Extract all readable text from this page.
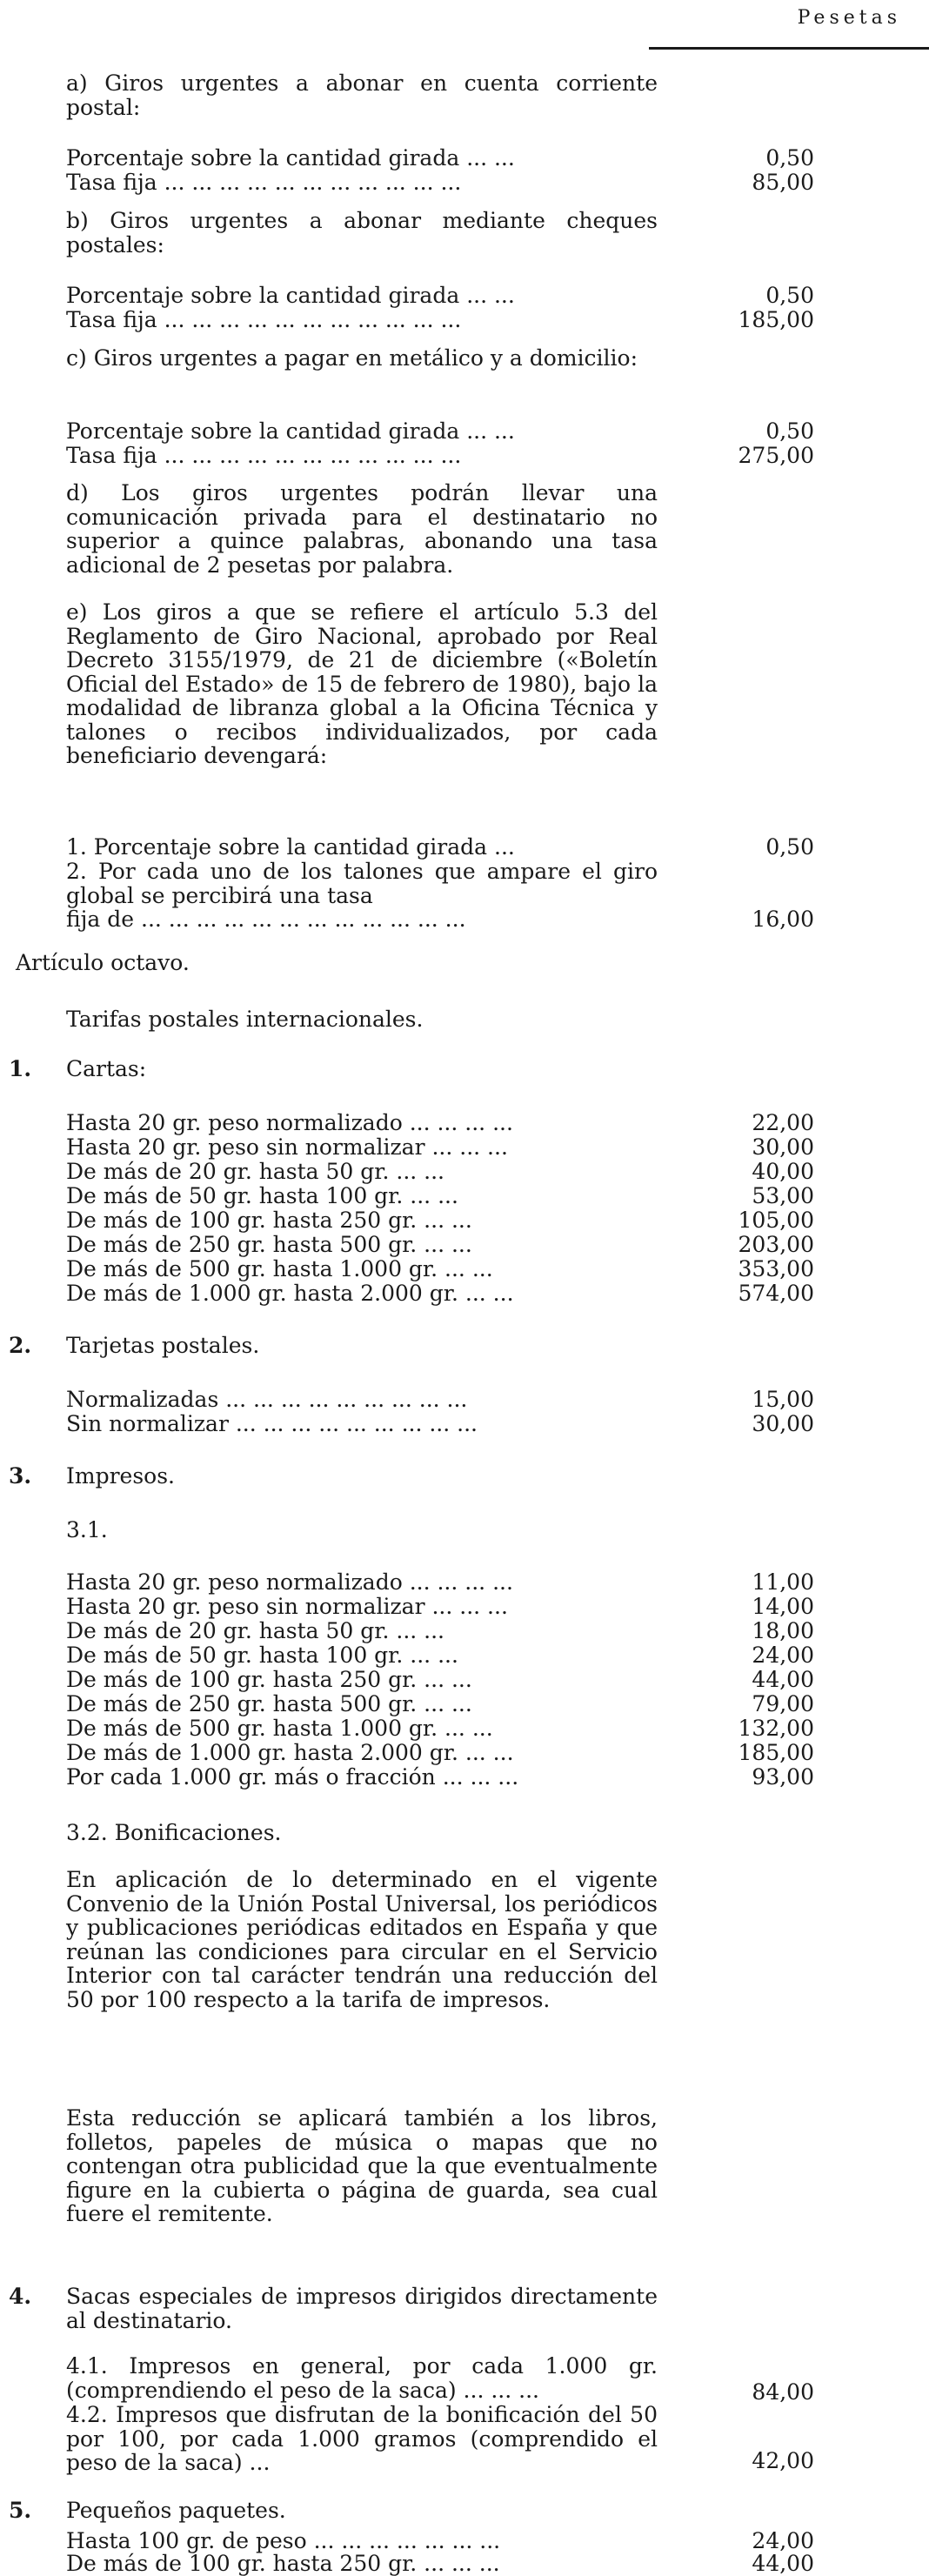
Pesetas
a) Giros urgentes a abonar en cuenta corriente postal:
Porcentaje sobre la cantidad girada ... ...	0,50
Tasa fija ... ... ... ... ... ... ... ... ... ... ...	85,00
b) Giros urgentes a abonar mediante cheques postales:
Porcentaje sobre la cantidad girada ... ...	0,50
Tasa fija ... ... ... ... ... ... ... ... ... ... ...	185,00
c) Giros urgentes a pagar en metálico y a domicilio:
Porcentaje sobre la cantidad girada ... ...	0,50
Tasa fija ... ... ... ... ... ... ... ... ... ... ...	275,00
d) Los giros urgentes podrán llevar una comunicación privada para el destinatario no superior a quince palabras, abonando una tasa adicional de 2 pesetas por palabra.
e) Los giros a que se refiere el artículo 5.3 del Reglamento de Giro Nacional, aprobado por Real Decreto 3155/1979, de 21 de diciembre («Boletín Oficial del Estado» de 15 de febrero de 1980), bajo la modalidad de libranza global a la Oficina Técnica y talones o recibos individualizados, por cada beneficiario devengará:
1. Porcentaje sobre la cantidad girada ...	0,50
2. Por cada uno de los talones que ampare el giro global se percibirá una tasa
fija de ... ... ... ... ... ... ... ... ... ... ... ...	16,00
Artículo octavo.
Tarifas postales internacionales.
1. Cartas:
Hasta 20 gr. peso normalizado ... ... ... ...	22,00
Hasta 20 gr. peso sin normalizar ... ... ...	30,00
De más de 20 gr. hasta 50 gr. ... ...	40,00
De más de 50 gr. hasta 100 gr. ... ...	53,00
De más de 100 gr. hasta 250 gr. ... ...	105,00
De más de 250 gr. hasta 500 gr. ... ...	203,00
De más de 500 gr. hasta 1.000 gr. ... ...	353,00
De más de 1.000 gr. hasta 2.000 gr. ... ...	574,00
2. Tarjetas postales.
Normalizadas ... ... ... ... ... ... ... ... ...	15,00
Sin normalizar ... ... ... ... ... ... ... ... ...	30,00
3. Impresos.
3.1.
Hasta 20 gr. peso normalizado ... ... ... ...	11,00
Hasta 20 gr. peso sin normalizar ... ... ...	14,00
De más de 20 gr. hasta 50 gr. ... ...	18,00
De más de 50 gr. hasta 100 gr. ... ...	24,00
De más de 100 gr. hasta 250 gr. ... ...	44,00
De más de 250 gr. hasta 500 gr. ... ...	79,00
De más de 500 gr. hasta 1.000 gr. ... ...	132,00
De más de 1.000 gr. hasta 2.000 gr. ... ...	185,00
Por cada 1.000 gr. más o fracción ... ... ...	93,00
3.2. Bonificaciones.
En aplicación de lo determinado en el vigente Convenio de la Unión Postal Universal, los periódicos y publicaciones periódicas editados en España y que reúnan las condiciones para circular en el Servicio Interior con tal carácter tendrán una reducción del 50 por 100 respecto a la tarifa de impresos.
Esta reducción se aplicará también a los libros, folletos, papeles de música o mapas que no contengan otra publicidad que la que eventualmente figure en la cubierta o página de guarda, sea cual fuere el remitente.
4. Sacas especiales de impresos dirigidos directamente al destinatario.
4.1. Impresos en general, por cada 1.000 gr. (comprendiendo el peso de la saca) ... ... ...	84,00
4.2. Impresos que disfrutan de la bonificación del 50 por 100, por cada 1.000 gramos (comprendido el peso de la saca) ...	42,00
5. Pequeños paquetes.
Hasta 100 gr. de peso ... ... ... ... ... ... ...	24,00
De más de 100 gr. hasta 250 gr. ... ... ...	44,00
